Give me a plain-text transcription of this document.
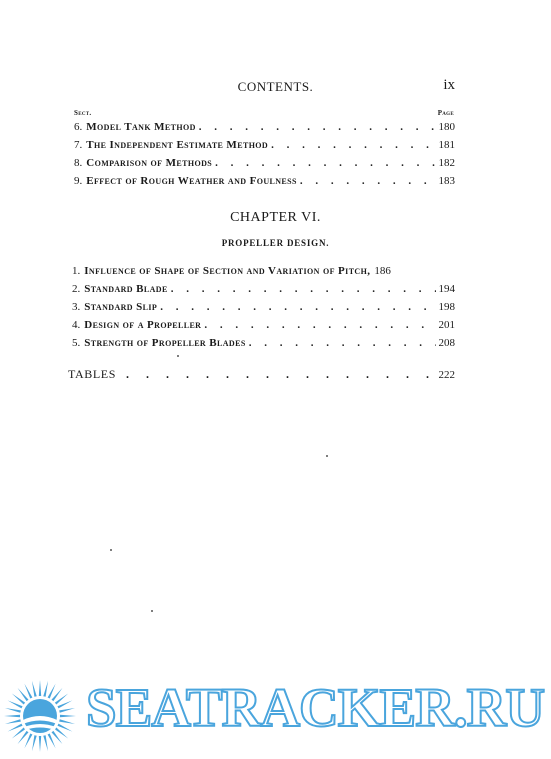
CONTENTS.	ix
Sect.	Page
6. Model Tank Method . . .	180
7. The Independent Estimate Method . . .	181
8. Comparison of Methods . . .	182
9. Effect of Rough Weather and Foulness . . .	183
CHAPTER VI.
PROPELLER DESIGN.
1. Influence of Shape of Section and Variation of Pitch, 186
2. Standard Blade . . .	194
3. Standard Slip . . .	198
4. Design of a Propeller . . .	201
5. Strength of Propeller Blades . . .	208
TABLES . . .	222
SEATRACKER.RU
